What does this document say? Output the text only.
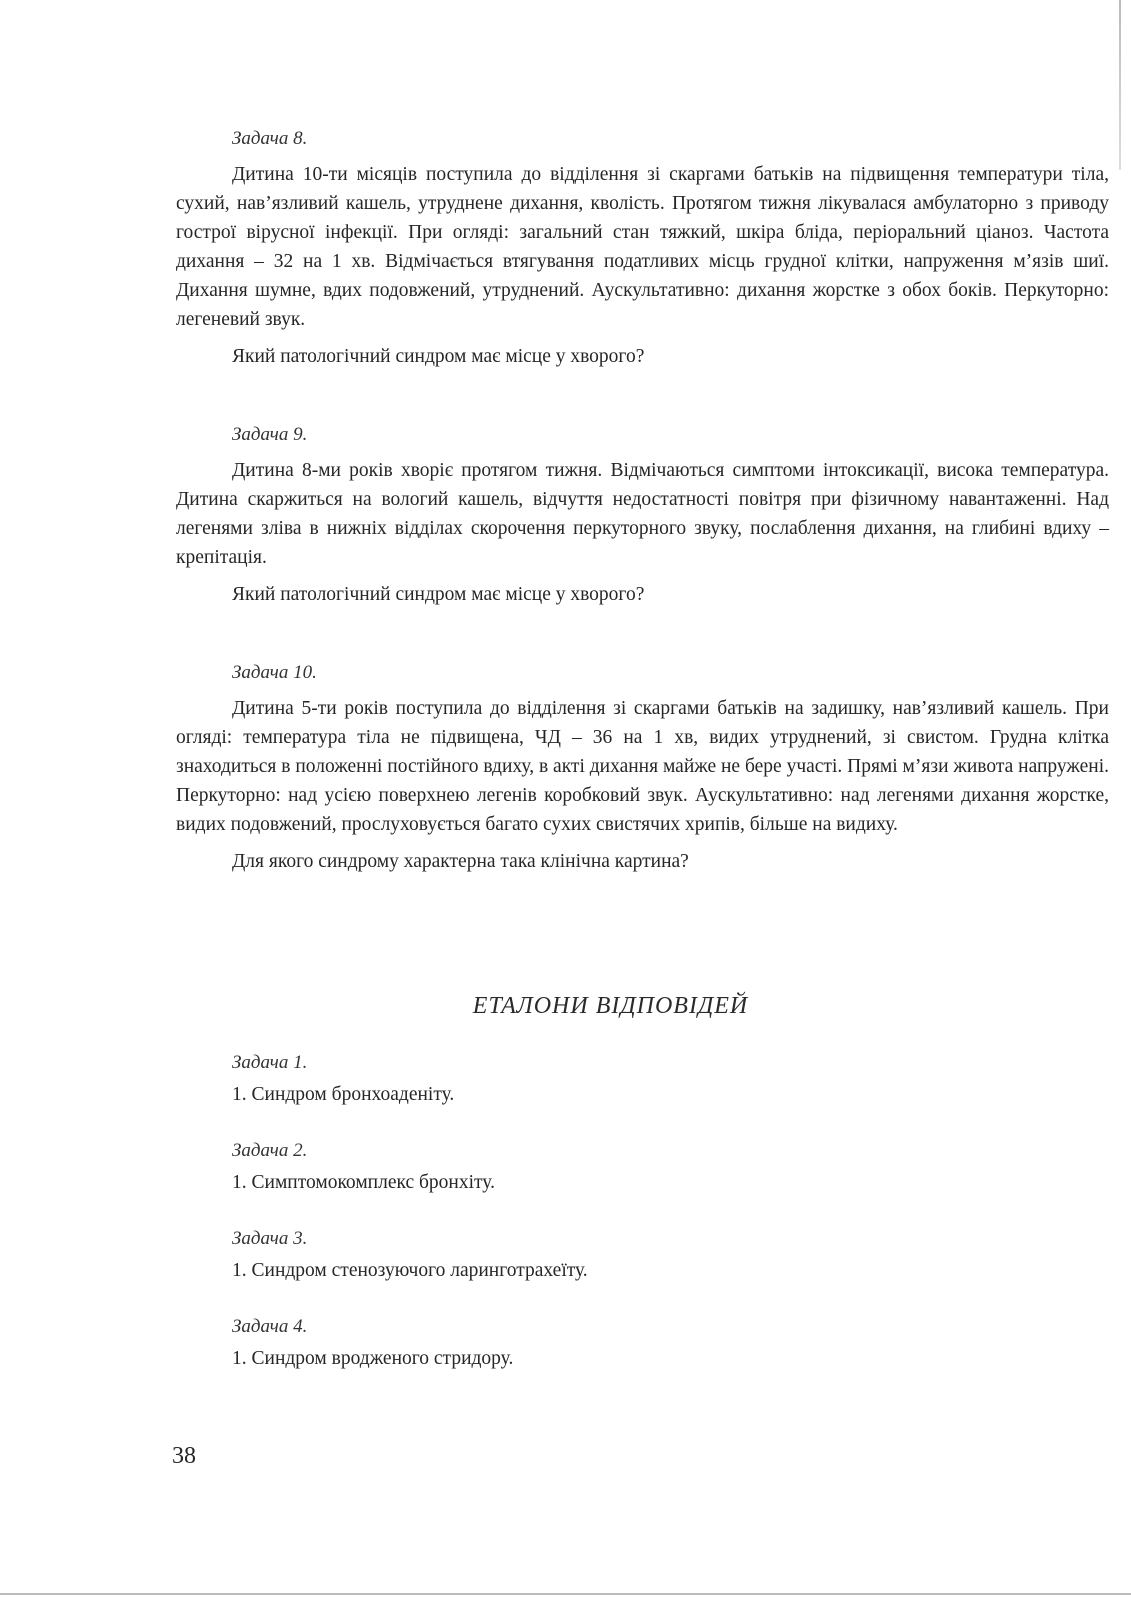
Задача 8.

Дитина 10-ти місяців поступила до відділення зі скаргами батьків на підвищення температури тіла, сухий, нав’язливий кашель, утруднене дихання, кволість. Протягом тижня лікувалася амбулаторно з приводу гострої вірусної інфекції. При огляді: загальний стан тяжкий, шкіра бліда, періоральний ціаноз. Частота дихання – 32 на 1 хв. Відмічається втягування податливих місць грудної клітки, напруження м’язів шиї. Дихання шумне, вдих подовжений, утруднений. Аускультативно: дихання жорстке з обох боків. Перкуторно: легеневий звук.

Який патологічний синдром має місце у хворого?

Задача 9.

Дитина 8-ми років хворіє протягом тижня. Відмічаються симптоми інтоксикації, висока температура. Дитина скаржиться на вологий кашель, відчуття недостатності повітря при фізичному навантаженні. Над легенями зліва в нижніх відділах скорочення перкуторного звуку, послаблення дихання, на глибині вдиху – крепітація.

Який патологічний синдром має місце у хворого?

Задача 10.

Дитина 5-ти років поступила до відділення зі скаргами батьків на задишку, нав’язливий кашель. При огляді: температура тіла не підвищена, ЧД – 36 на 1 хв, видих утруднений, зі свистом. Грудна клітка знаходиться в положенні постійного вдиху, в акті дихання майже не бере участі. Прямі м’язи живота напружені. Перкуторно: над усією поверхнею легенів коробковий звук. Аускультативно: над легенями дихання жорстке, видих подовжений, прослуховується багато сухих свистячих хрипів, більше на видиху.

Для якого синдрому характерна така клінічна картина?

ЕТАЛОНИ ВІДПОВІДЕЙ
Задача 1.

1. Синдром бронхоаденіту.

Задача 2.

1. Симптомокомплекс бронхіту.

Задача 3.

1. Синдром стенозуючого ларинготрахеїту.

Задача 4.

1. Синдром вродженого стридору.

38
